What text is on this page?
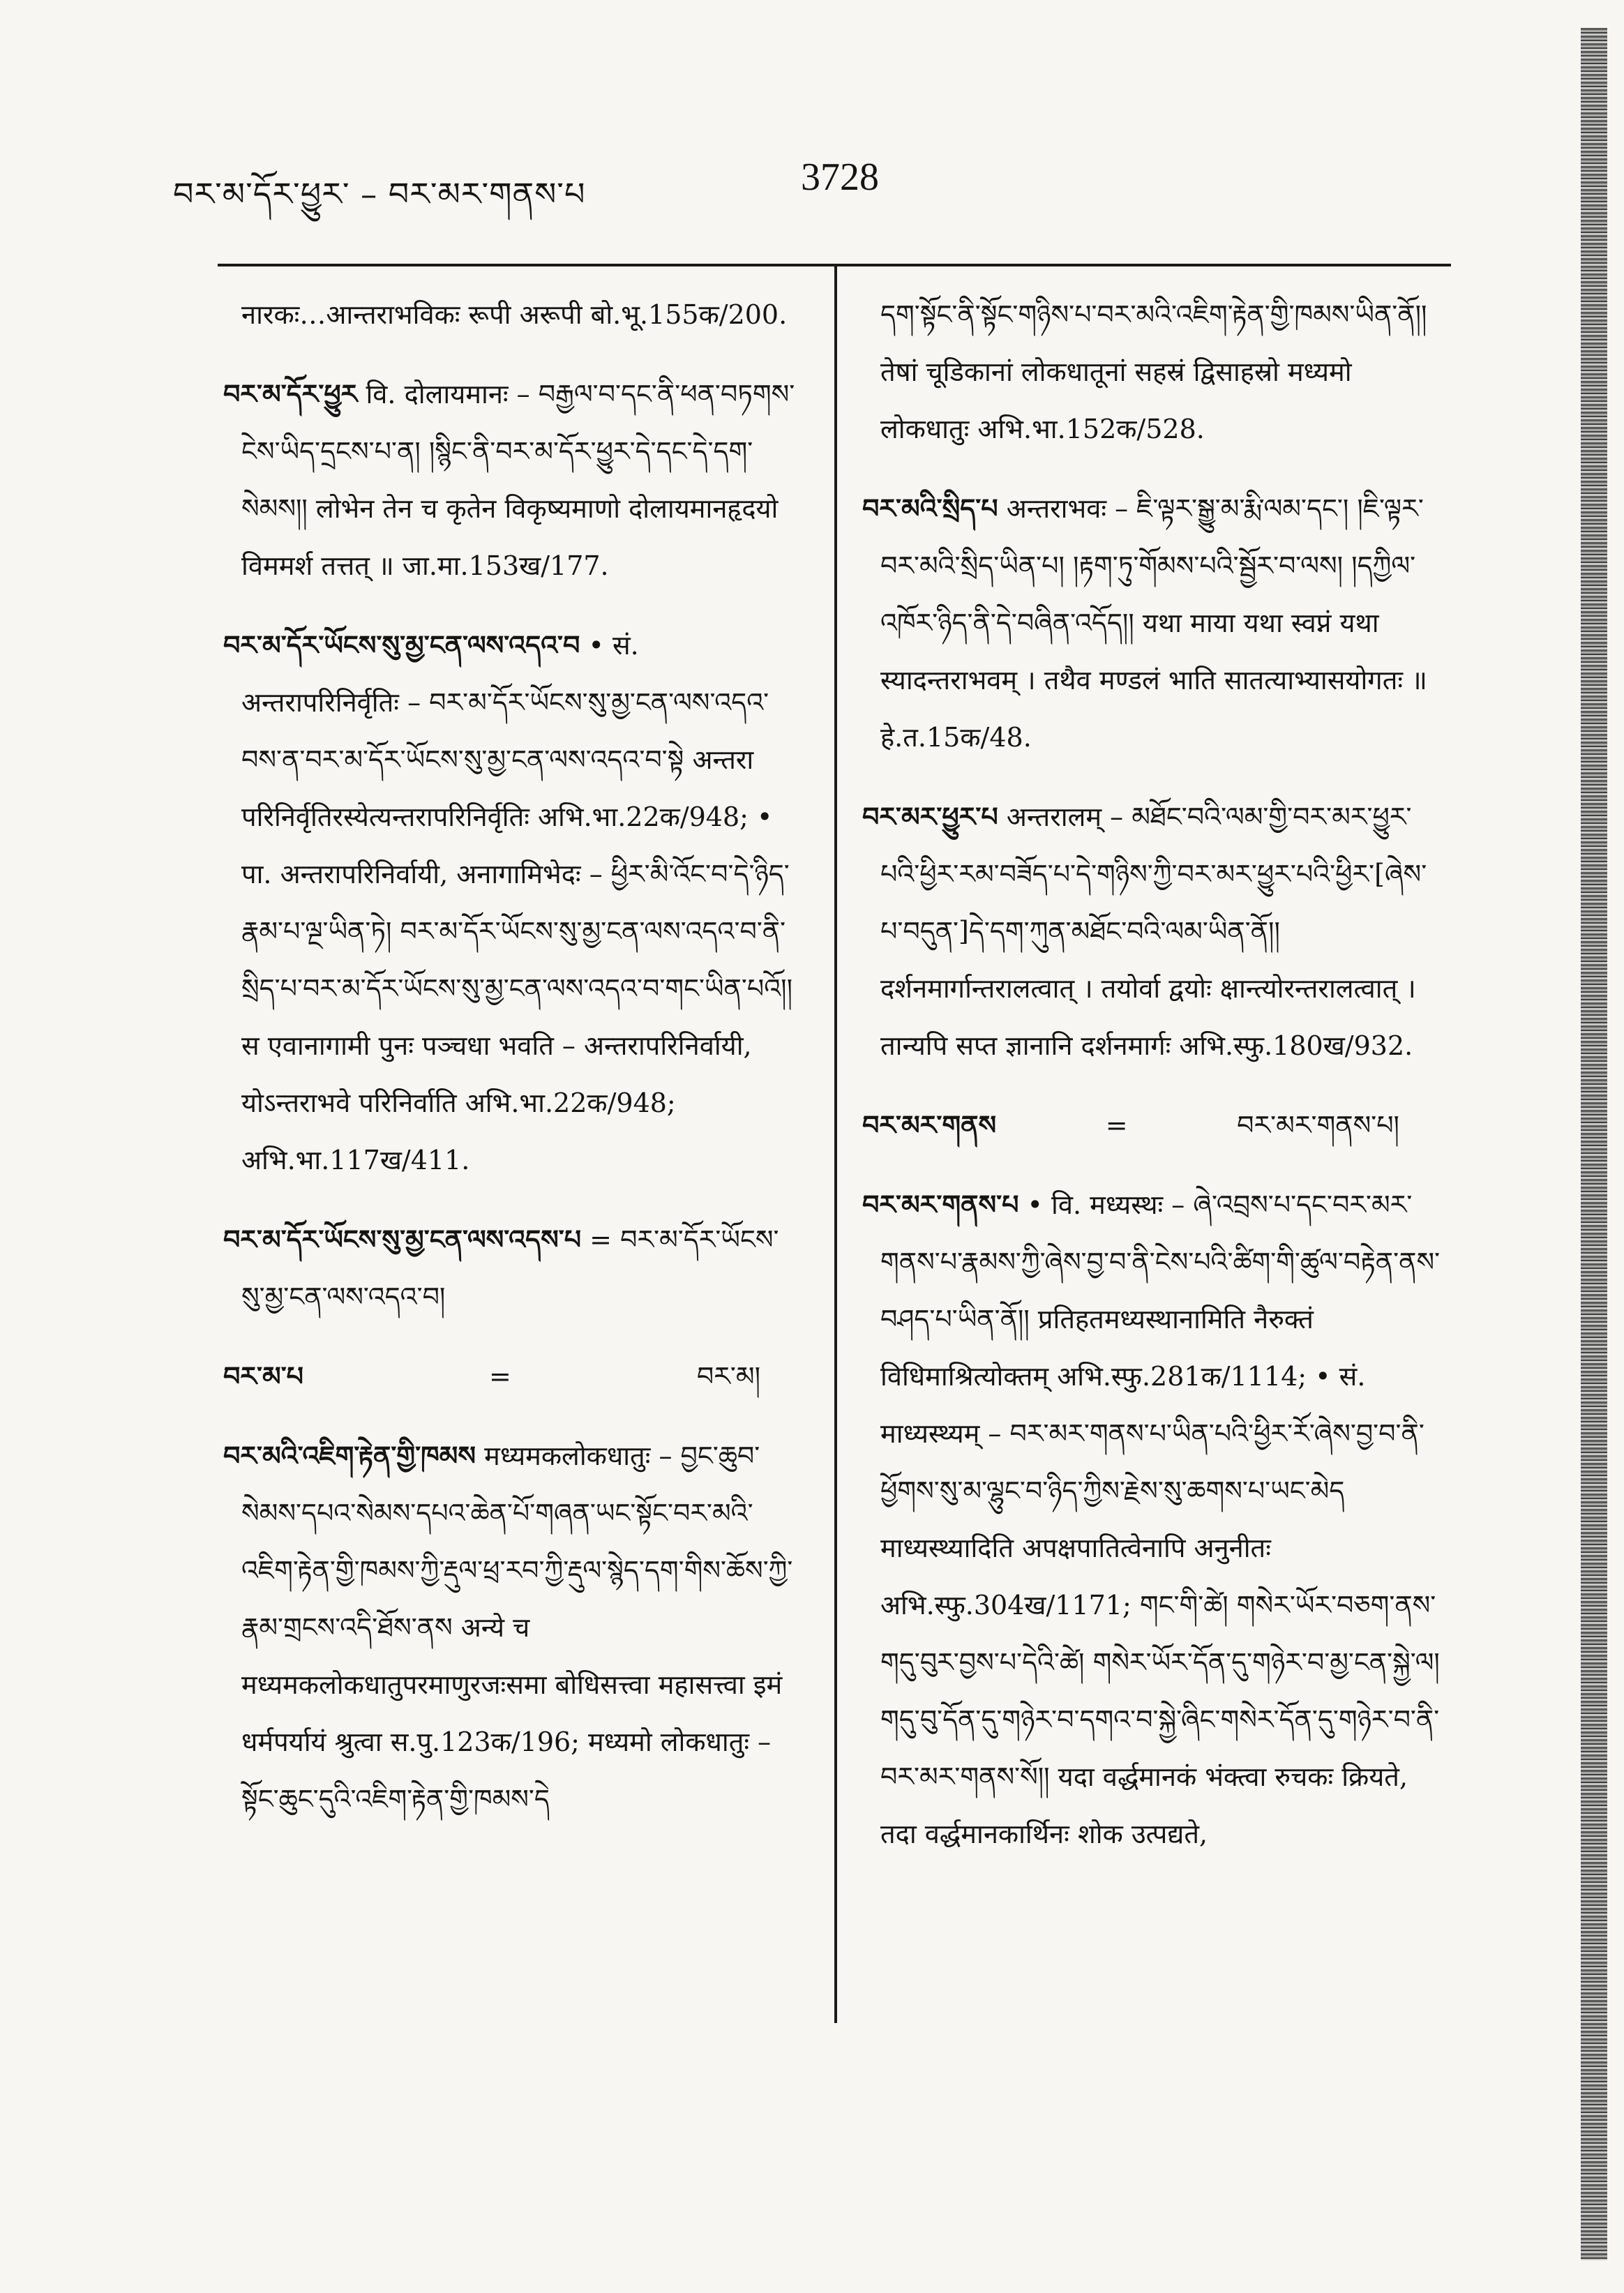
བར་མ་དོར་ཕྱུར་ – བར་མར་གནས་པ	3728
नारकः…आन्तराभविकः रूपी अरूपी बो.भू.155क/200.
བར་མ་དོར་ཕྱུར वि. दोलायमानः – བརྒྱལ་བ་དང་ནི་ཕན་བཏགས་ངེས་ཡིད་དྲངས་པ་ན། །སྙིང་ནི་བར་མ་དོར་ཕྱུར་དེ་དང་དེ་དག་སེམས།། लोभेन तेन च कृतेन विकृष्यमाणो दोलायमानहृदयो विममर्श तत्तत् ॥ जा.मा.153ख/177.
བར་མ་དོར་ཡོངས་སུ་མྱ་ངན་ལས་འདའ་བ • सं. अन्तरापरिनिर्वृतिः – བར་མ་དོར་ཡོངས་སུ་མྱ་ངན་ལས་འདའ་བས་ན་བར་མ་དོར་ཡོངས་སུ་མྱ་ངན་ལས་འདའ་བ་སྟེ अन्तरा परिनिर्वृतिरस्येत्यन्तरापरिनिर्वृतिः अभि.भा.22क/948; • पा. अन्तरापरिनिर्वायी, अनागामिभेदः – ཕྱིར་མི་འོང་བ་དེ་ཉིད་རྣམ་པ་ལྔ་ཡིན་ཏེ། བར་མ་དོར་ཡོངས་སུ་མྱ་ངན་ལས་འདའ་བ་ནི་སྲིད་པ་བར་མ་དོར་ཡོངས་སུ་མྱ་ངན་ལས་འདའ་བ་གང་ཡིན་པའོ།། स एवानागामी पुनः पञ्चधा भवति – अन्तरापरिनिर्वायी, योऽन्तराभवे परिनिर्वाति अभि.भा.22क/948; अभि.भा.117ख/411.
བར་མ་དོར་ཡོངས་སུ་མྱ་ངན་ལས་འདས་པ = བར་མ་དོར་ཡོངས་སུ་མྱ་ངན་ལས་འདའ་བ།
བར་མ་པ	=	བར་མ།
བར་མའི་འཇིག་རྟེན་གྱི་ཁམས मध्यमकलोकधातुः – བྱང་ཆུབ་སེམས་དཔའ་སེམས་དཔའ་ཆེན་པོ་གཞན་ཡང་སྟོང་བར་མའི་འཇིག་རྟེན་གྱི་ཁམས་ཀྱི་རྡུལ་ཕྲ་རབ་ཀྱི་རྡུལ་སྙེད་དག་གིས་ཆོས་ཀྱི་རྣམ་གྲངས་འདི་ཐོས་ནས अन्ये च मध्यमकलोकधातुपरमाणुरजःसमा बोधिसत्त्वा महासत्त्वा इमं धर्मपर्यायं श्रुत्वा स.पु.123क/196; मध्यमो लोकधातुः – སྟོང་ཆུང་དུའི་འཇིག་རྟེན་གྱི་ཁམས་དེ
དག་སྟོང་ནི་སྟོང་གཉིས་པ་བར་མའི་འཇིག་རྟེན་གྱི་ཁམས་ཡིན་ནོ།། तेषां चूडिकानां लोकधातूनां सहस्रं द्विसाहस्रो मध्यमो लोकधातुः अभि.भा.152क/528.
བར་མའི་སྲིད་པ अन्तराभवः – ཇི་ལྟར་སྒྱུ་མ་རྨི་ལམ་དང་། །ཇི་ལྟར་བར་མའི་སྲིད་ཡིན་པ། །རྟག་ཏུ་གོམས་པའི་སྦྱོར་བ་ལས། །དཀྱིལ་འཁོར་ཉིད་ནི་དེ་བཞིན་འདོད།། यथा माया यथा स्वप्नं यथा स्यादन्तराभवम् । तथैव मण्डलं भाति सातत्याभ्यासयोगतः ॥ हे.त.15क/48.
བར་མར་ཕྱུར་པ अन्तरालम् – མཐོང་བའི་ལམ་གྱི་བར་མར་ཕྱུར་པའི་ཕྱིར་རམ་བཟོད་པ་དེ་གཉིས་ཀྱི་བར་མར་ཕྱུར་པའི་ཕྱིར་[ཞེས་པ་བདུན་]དེ་དག་ཀུན་མཐོང་བའི་ལམ་ཡིན་ནོ།། दर्शनमार्गान्तरालत्वात् । तयोर्वा द्वयोः क्षान्त्योरन्तरालत्वात् । तान्यपि सप्त ज्ञानानि दर्शनमार्गः अभि.स्फु.180ख/932.
བར་མར་གནས	=	བར་མར་གནས་པ།
བར་མར་གནས་པ • वि. मध्यस्थः – ཞེ་འབྲས་པ་དང་བར་མར་གནས་པ་རྣམས་ཀྱི་ཞེས་བྱ་བ་ནི་ངེས་པའི་ཚིག་གི་ཚུལ་བརྟེན་ནས་བཤད་པ་ཡིན་ནོ།། प्रतिहतमध्यस्थानामिति नैरुक्तं विधिमाश्रित्योक्तम् अभि.स्फु.281क/1114; • सं. माध्यस्थ्यम् – བར་མར་གནས་པ་ཡིན་པའི་ཕྱིར་རོ་ཞེས་བྱ་བ་ནི་ཕྱོགས་སུ་མ་ལྷུང་བ་ཉིད་ཀྱིས་རྗེས་སུ་ཆགས་པ་ཡང་མེད माध्यस्थ्यादिति अपक्षपातित्वेनापि अनुनीतः अभि.स्फु.304ख/1171; གང་གི་ཚེ། གསེར་ཡོར་བཅག་ནས་གདུ་བུར་བྱས་པ་དེའི་ཚེ། གསེར་ཡོར་དོན་དུ་གཉེར་བ་མྱ་ངན་སྐྱེ་ལ། གདུ་བུ་དོན་དུ་གཉེར་བ་དགའ་བ་སྐྱེ་ཞིང་གསེར་དོན་དུ་གཉེར་བ་ནི་བར་མར་གནས་སོ།། यदा वर्द्धमानकं भंक्त्वा रुचकः क्रियते, तदा वर्द्धमानकार्थिनः शोक उत्पद्यते,
